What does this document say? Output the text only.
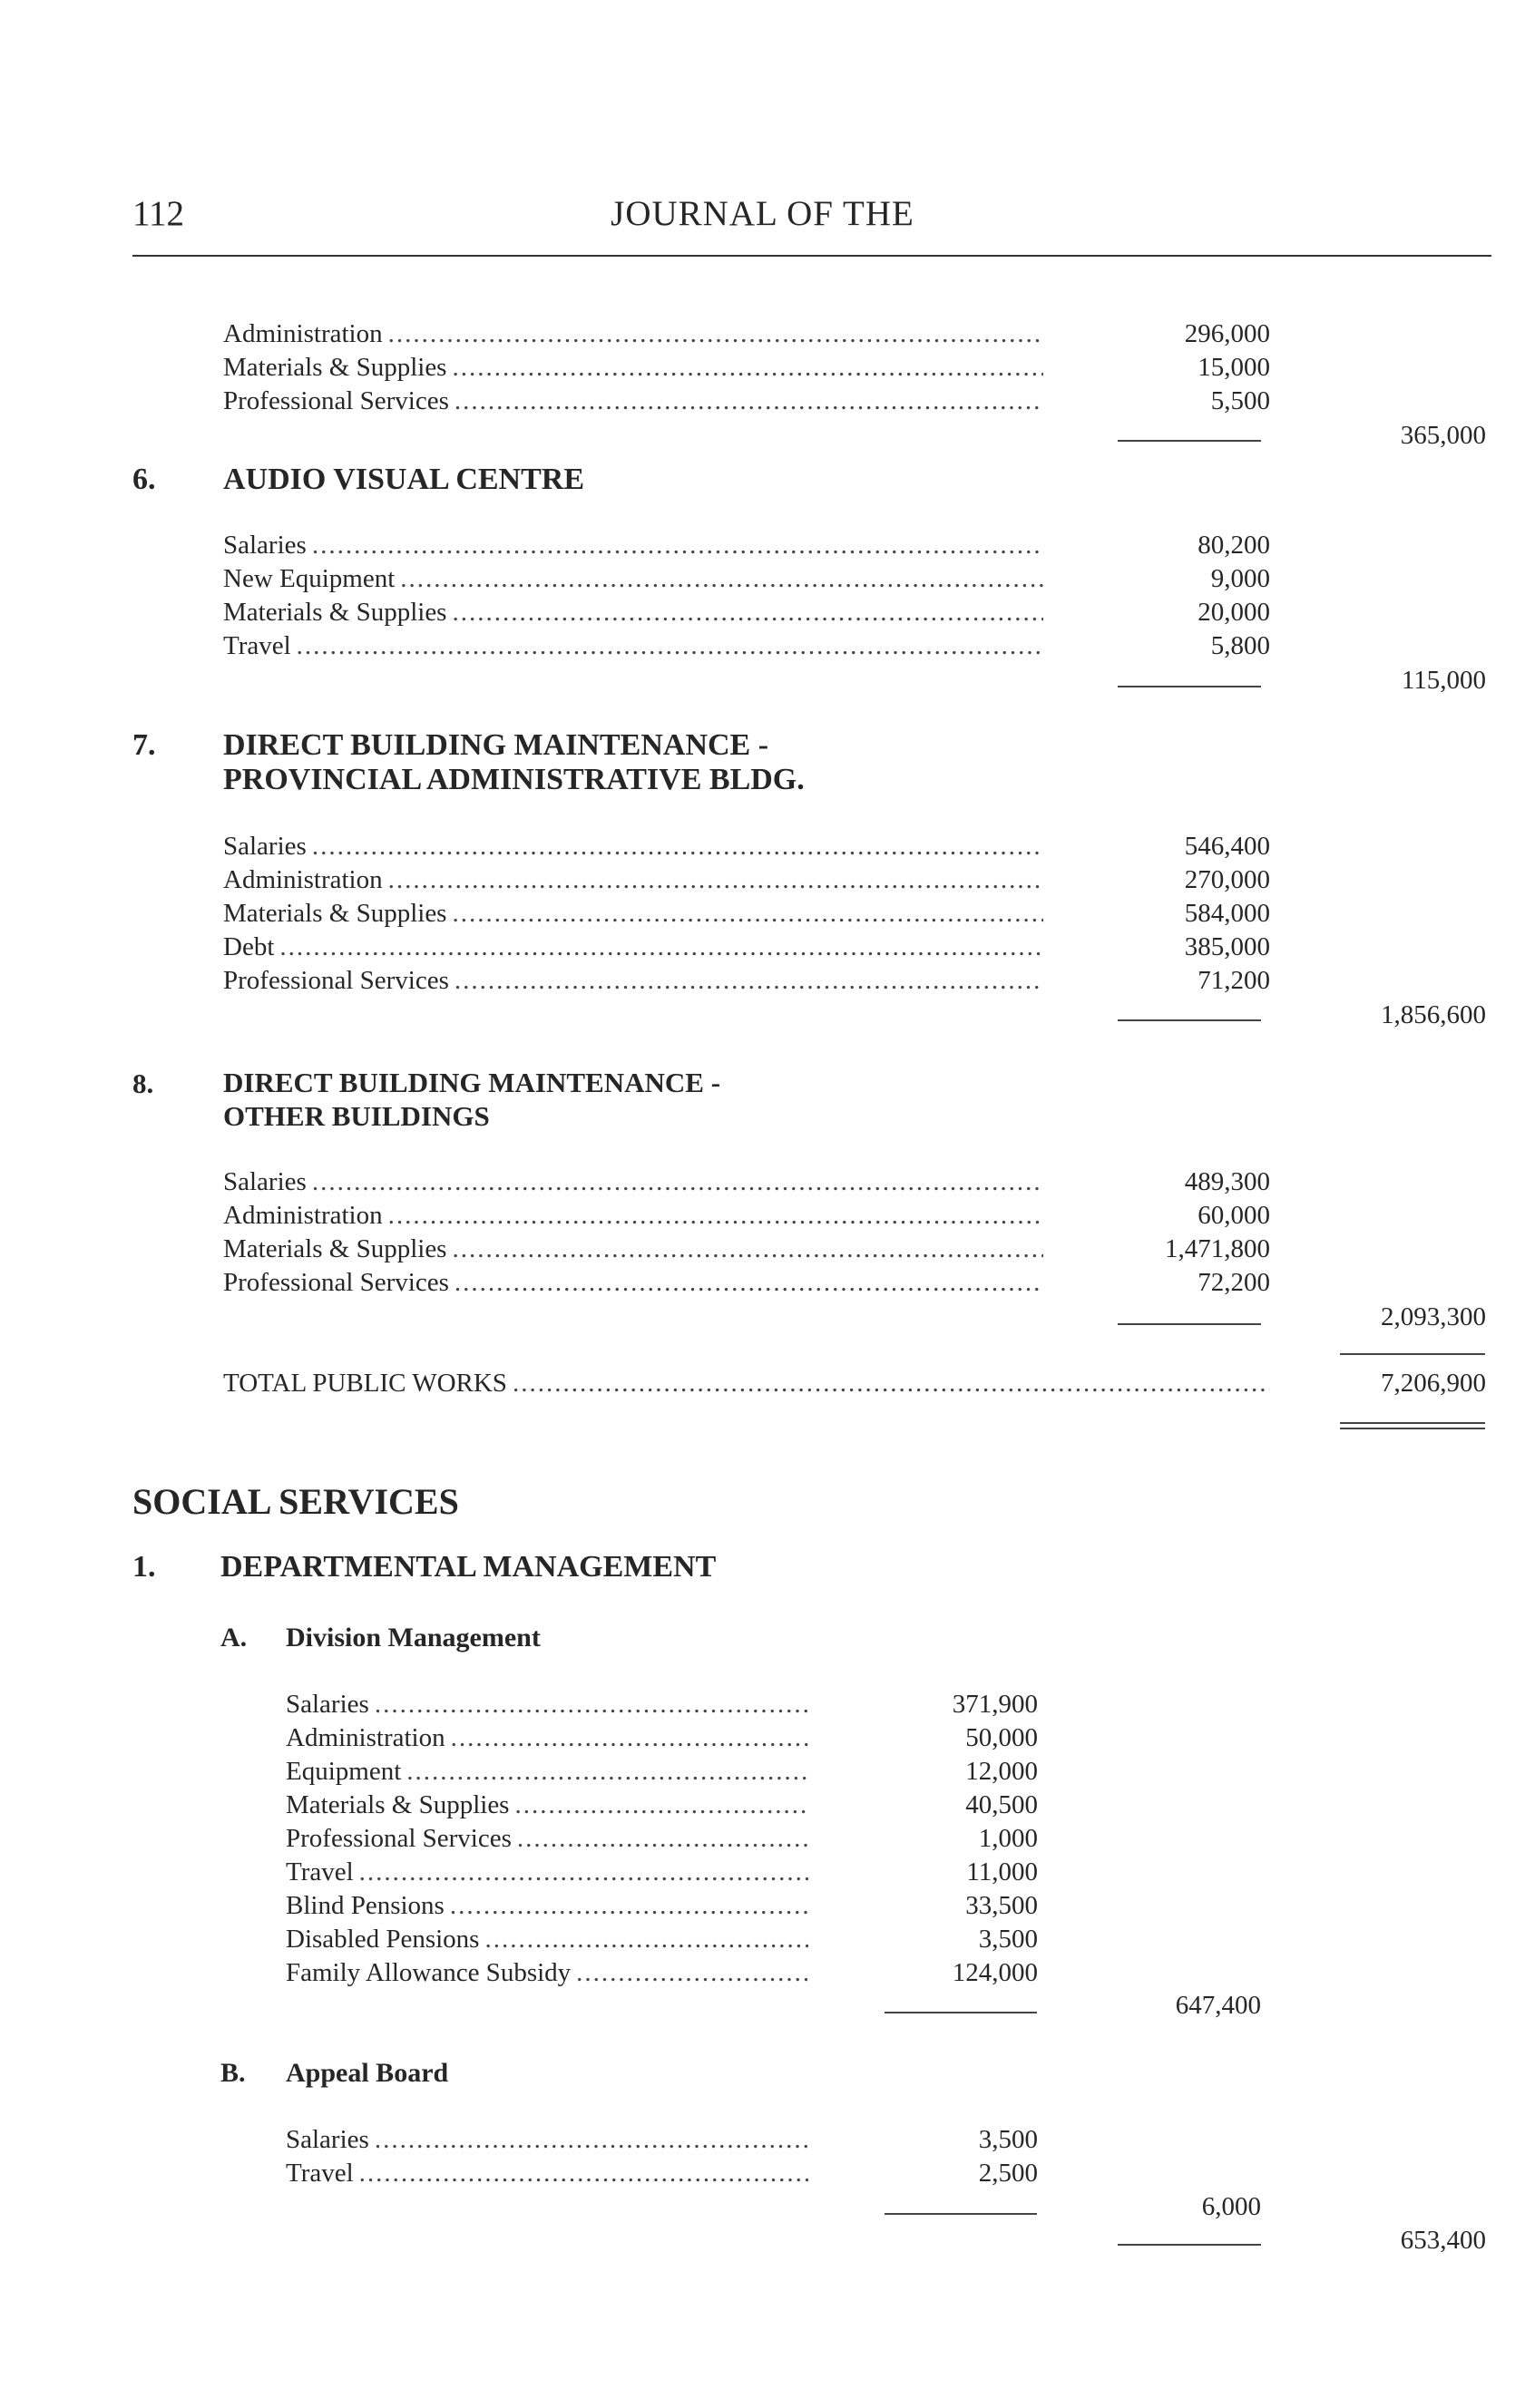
112	JOURNAL OF THE
Administration .....	296,000
Materials & Supplies .....	15,000
Professional Services .....	5,500
365,000
6. AUDIO VISUAL CENTRE
Salaries .....	80,200
New Equipment .....	9,000
Materials & Supplies .....	20,000
Travel .....	5,800
115,000
7. DIRECT BUILDING MAINTENANCE -
PROVINCIAL ADMINISTRATIVE BLDG.
Salaries .....	546,400
Administration .....	270,000
Materials & Supplies .....	584,000
Debt .....	385,000
Professional Services .....	71,200
1,856,600
8. DIRECT BUILDING MAINTENANCE -
OTHER BUILDINGS
Salaries .....	489,300
Administration .....	60,000
Materials & Supplies .....	1,471,800
Professional Services .....	72,200
2,093,300
TOTAL PUBLIC WORKS .....	7,206,900
SOCIAL SERVICES
1. DEPARTMENTAL MANAGEMENT
A. Division Management
Salaries .....	371,900
Administration .....	50,000
Equipment .....	12,000
Materials & Supplies .....	40,500
Professional Services .....	1,000
Travel .....	11,000
Blind Pensions .....	33,500
Disabled Pensions .....	3,500
Family Allowance Subsidy .....	124,000
647,400
B. Appeal Board
Salaries .....	3,500
Travel .....	2,500
6,000
653,400
